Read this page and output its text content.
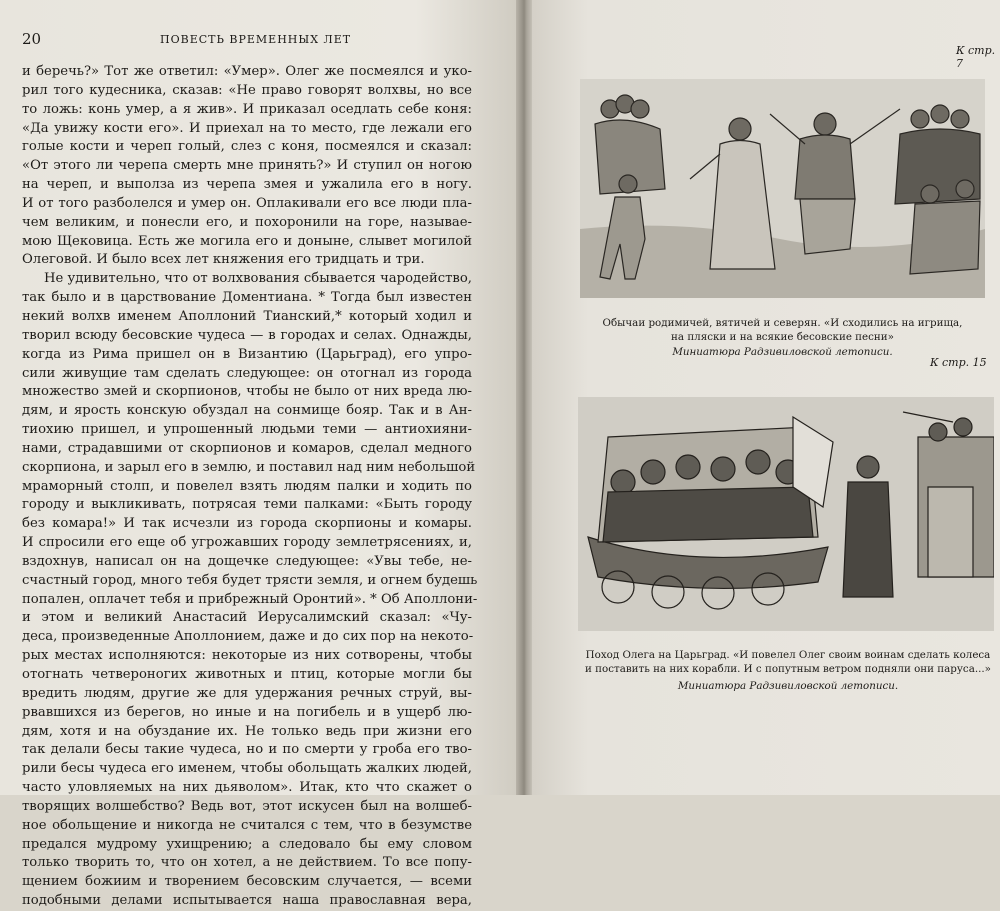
20	ПОВЕСТЬ ВРЕМЕННЫХ ЛЕТ
и беречь?» Тот же ответил: «Умер». Олег же посмеялся и уко-
рил того кудесника, сказав: «Не право говорят волхвы, но все
то ложь: конь умер, а я жив». И приказал оседлать себе коня:
«Да увижу кости его». И приехал на то место, где лежали его
голые кости и череп голый, слез с коня, посмеялся и сказал:
«От этого ли черепа смерть мне принять?» И ступил он ногою
на череп, и выполза из черепа змея и ужалила его в ногу.
И от того разболелся и умер он. Оплакивали его все люди пла-
чем великим, и понесли его, и похоронили на горе, называе-
мою Щековица. Есть же могила его и доныне, слывет могилой
Олеговой. И было всех лет княжения его тридцать и три.
Не удивительно, что от волхвования сбывается чародейство,
так было и в царствование Доментиана. * Тогда был известен
некий волхв именем Аполлоний Тианский,* который ходил и
творил всюду бесовские чудеса — в городах и селах. Однажды,
когда из Рима пришел он в Византию (Царьград), его упро-
сили живущие там сделать следующее: он отогнал из города
множество змей и скорпионов, чтобы не было от них вреда лю-
дям, и ярость конскую обуздал на сонмище бояр. Так и в Ан-
тиохию пришел, и упрошенный людьми теми — антиохияни-
нами, страдавшими от скорпионов и комаров, сделал медного
скорпиона, и зарыл его в землю, и поставил над ним небольшой
мраморный столп, и повелел взять людям палки и ходить по
городу и выкликивать, потрясая теми палками: «Быть городу
без комара!» И так исчезли из города скорпионы и комары.
И спросили его еще об угрожавших городу землетрясениях, и,
вздохнув, написал он на дощечке следующее: «Увы тебе, не-
счастный город, много тебя будет трясти земля, и огнем будешь
попален, оплачет тебя и прибрежный Оронтий». * Об Аполлони-
и этом и великий Анастасий Иерусалимский сказал: «Чу-
деса, произведенные Аполлонием, даже и до сих пор на некото-
рых местах исполняются: некоторые из них сотворены, чтобы
отогнать четвероногих животных и птиц, которые могли бы
вредить людям, другие же для удержания речных струй, вы-
рвавшихся из берегов, но иные и на погибель и в ущерб лю-
дям, хотя и на обуздание их. Не только ведь при жизни его
так делали бесы такие чудеса, но и по смерти у гроба его тво-
рили бесы чудеса его именем, чтобы обольщать жалких людей,
часто уловляемых на них дьяволом». Итак, кто что скажет о
творящих волшебство? Ведь вот, этот искусен был на волшеб-
ное обольщение и никогда не считался с тем, что в безумстве
предался мудрому ухищрению; а следовало бы ему словом
только творить то, что он хотел, а не действием. То все попу-
щением божиим и творением бесовским случается, — всеми
подобными делами испытывается наша православная вера,
К стр. 7
Обычаи родимичей, вятичей и северян. «И сходились на игрища,
на пляски и на всякие бесовские песни»
Миниатюра Радзивиловской летописи.
К стр. 15
Поход Олега на Царьград. «И повелел Олег своим воинам сделать колеса
и поставить на них корабли. И с попутным ветром подняли они паруса...»
Миниатюра Радзивиловской летописи.
